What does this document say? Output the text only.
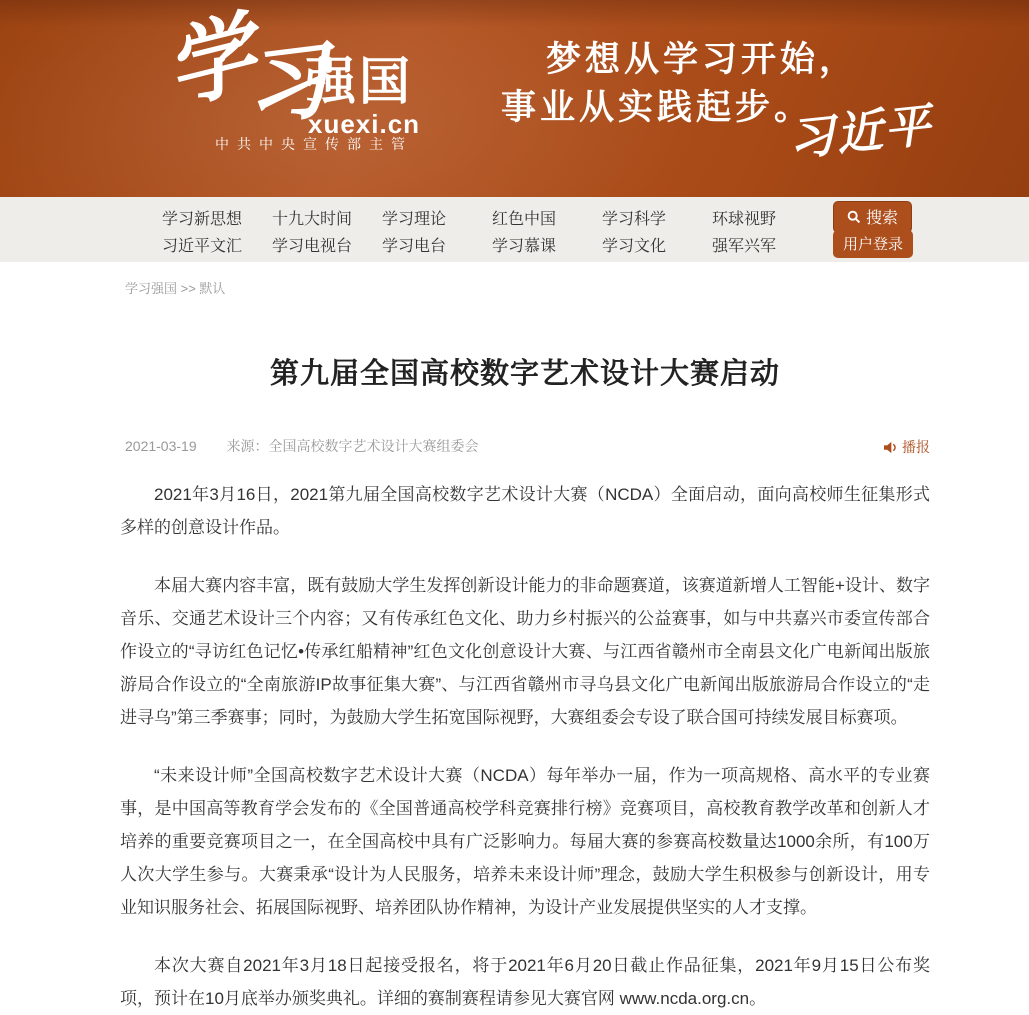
学
习
强国
xuexi.cn
中共中央宣传部主管
梦想从学习开始，
事业从实践起步。
习近平
学习新思想 十九大时间 学习理论	红色中国	学习科学	环球视野
习近平文汇 学习电视台 学习电台	学习慕课	学习文化	强军兴军
搜索
用户登录
学习强国 >> 默认
第九届全国高校数字艺术设计大赛启动
2021-03-19 来源：全国高校数字艺术设计大赛组委会	播报

2021年3月16日，2021第九届全国高校数字艺术设计大赛（NCDA）全面启动，面向高校师生征集形式多样的创意设计作品。

本届大赛内容丰富，既有鼓励大学生发挥创新设计能力的非命题赛道，该赛道新增人工智能+设计、数字音乐、交通艺术设计三个内容；又有传承红色文化、助力乡村振兴的公益赛事，如与中共嘉兴市委宣传部合作设立的“寻访红色记忆•传承红船精神”红色文化创意设计大赛、与江西省赣州市全南县文化广电新闻出版旅游局合作设立的“全南旅游IP故事征集大赛”、与江西省赣州市寻乌县文化广电新闻出版旅游局合作设立的“走进寻乌”第三季赛事；同时，为鼓励大学生拓宽国际视野，大赛组委会专设了联合国可持续发展目标赛项。

“未来设计师”全国高校数字艺术设计大赛（NCDA）每年举办一届，作为一项高规格、高水平的专业赛事，是中国高等教育学会发布的《全国普通高校学科竞赛排行榜》竞赛项目，高校教育教学改革和创新人才培养的重要竞赛项目之一，在全国高校中具有广泛影响力。每届大赛的参赛高校数量达1000余所，有100万人次大学生参与。大赛秉承“设计为人民服务，培养未来设计师”理念，鼓励大学生积极参与创新设计，用专业知识服务社会、拓展国际视野、培养团队协作精神，为设计产业发展提供坚实的人才支撑。

本次大赛自2021年3月18日起接受报名，将于2021年6月20日截止作品征集，2021年9月15日公布奖项，预计在10月底举办颁奖典礼。详细的赛制赛程请参见大赛官网 www.ncda.org.cn。
